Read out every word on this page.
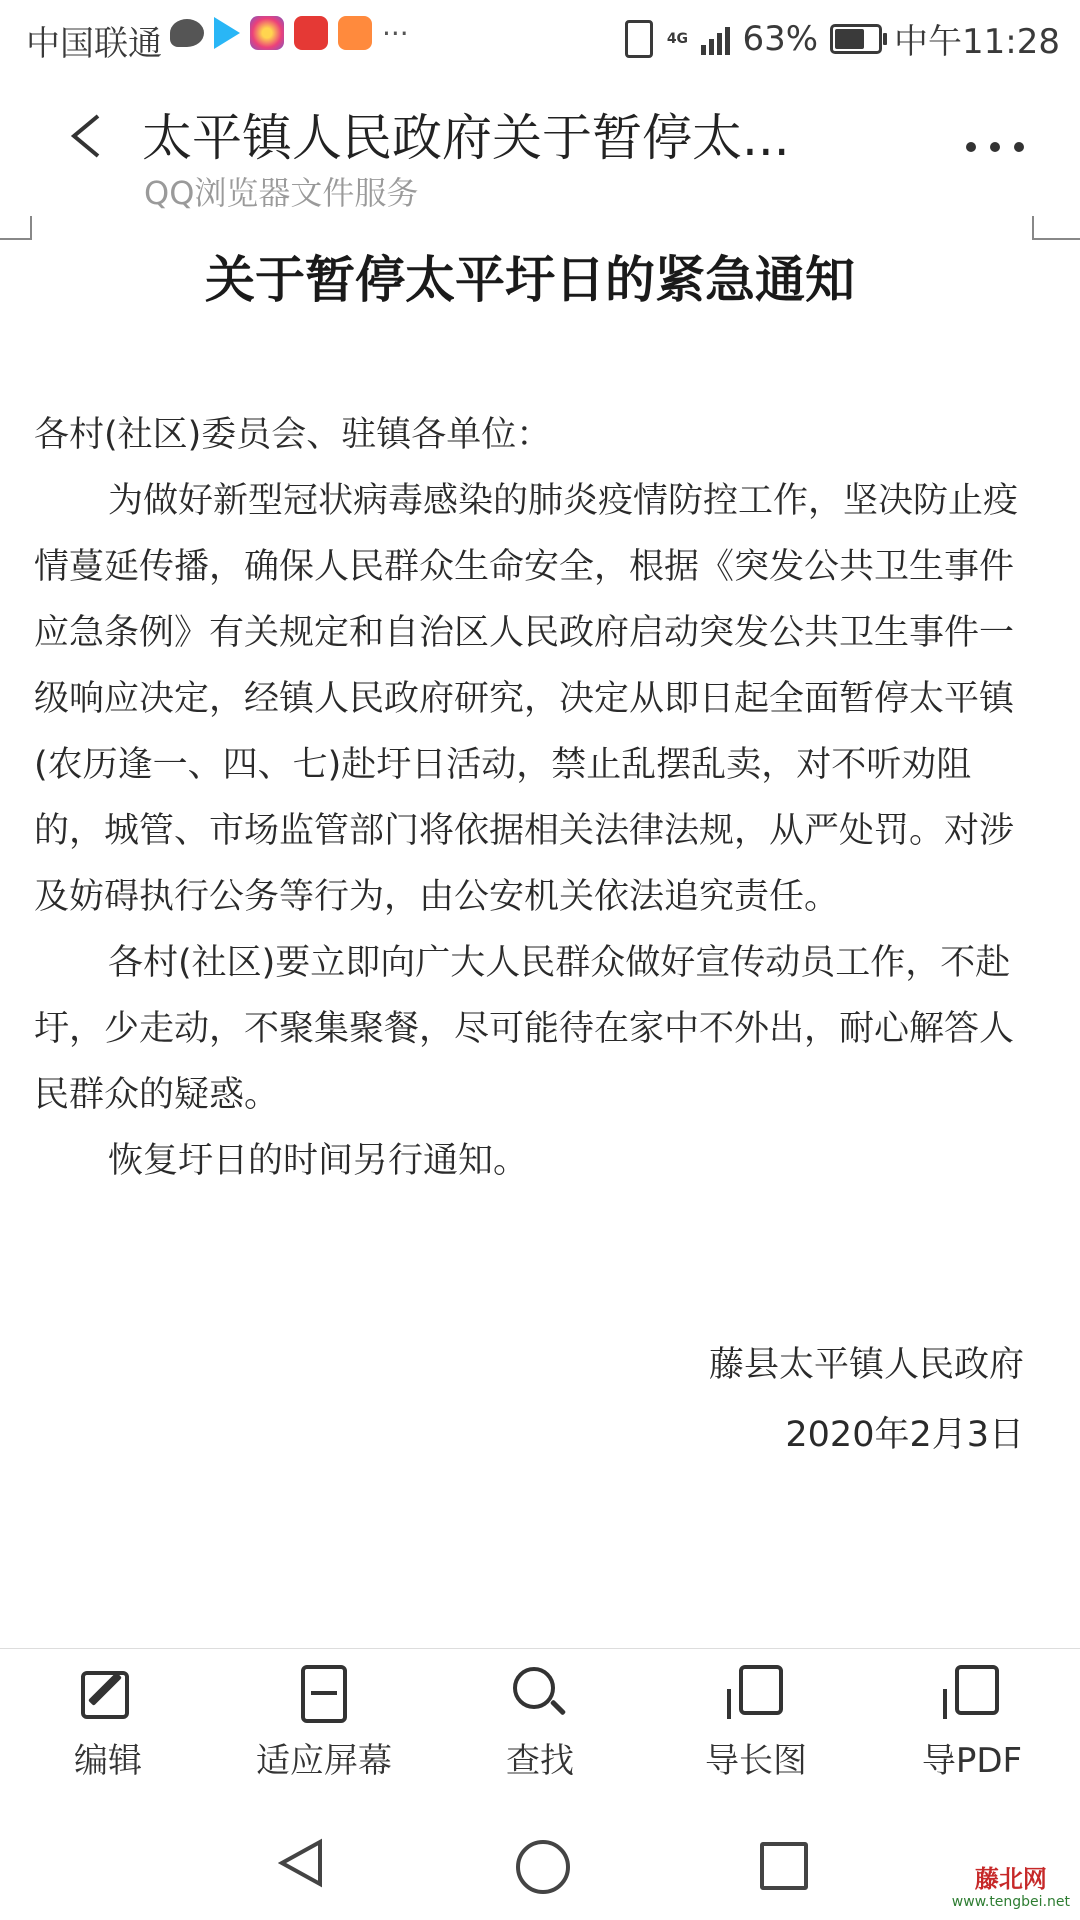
中国联通	···	4G 63% 中午11:28
太平镇人民政府关于暂停太...
QQ浏览器文件服务
关于暂停太平圩日的紧急通知

各村(社区)委员会、驻镇各单位：

为做好新型冠状病毒感染的肺炎疫情防控工作，坚决防止疫情蔓延传播，确保人民群众生命安全，根据《突发公共卫生事件应急条例》有关规定和自治区人民政府启动突发公共卫生事件一级响应决定，经镇人民政府研究，决定从即日起全面暂停太平镇(农历逢一、四、七)赴圩日活动，禁止乱摆乱卖，对不听劝阻的，城管、市场监管部门将依据相关法律法规，从严处罚。对涉及妨碍执行公务等行为，由公安机关依法追究责任。

各村(社区)要立即向广大人民群众做好宣传动员工作，不赴圩，少走动，不聚集聚餐，尽可能待在家中不外出，耐心解答人民群众的疑惑。

恢复圩日的时间另行通知。

藤县太平镇人民政府
2020年2月3日
编辑	适应屏幕	查找	导长图	导PDF
藤北网
www.tengbei.net
